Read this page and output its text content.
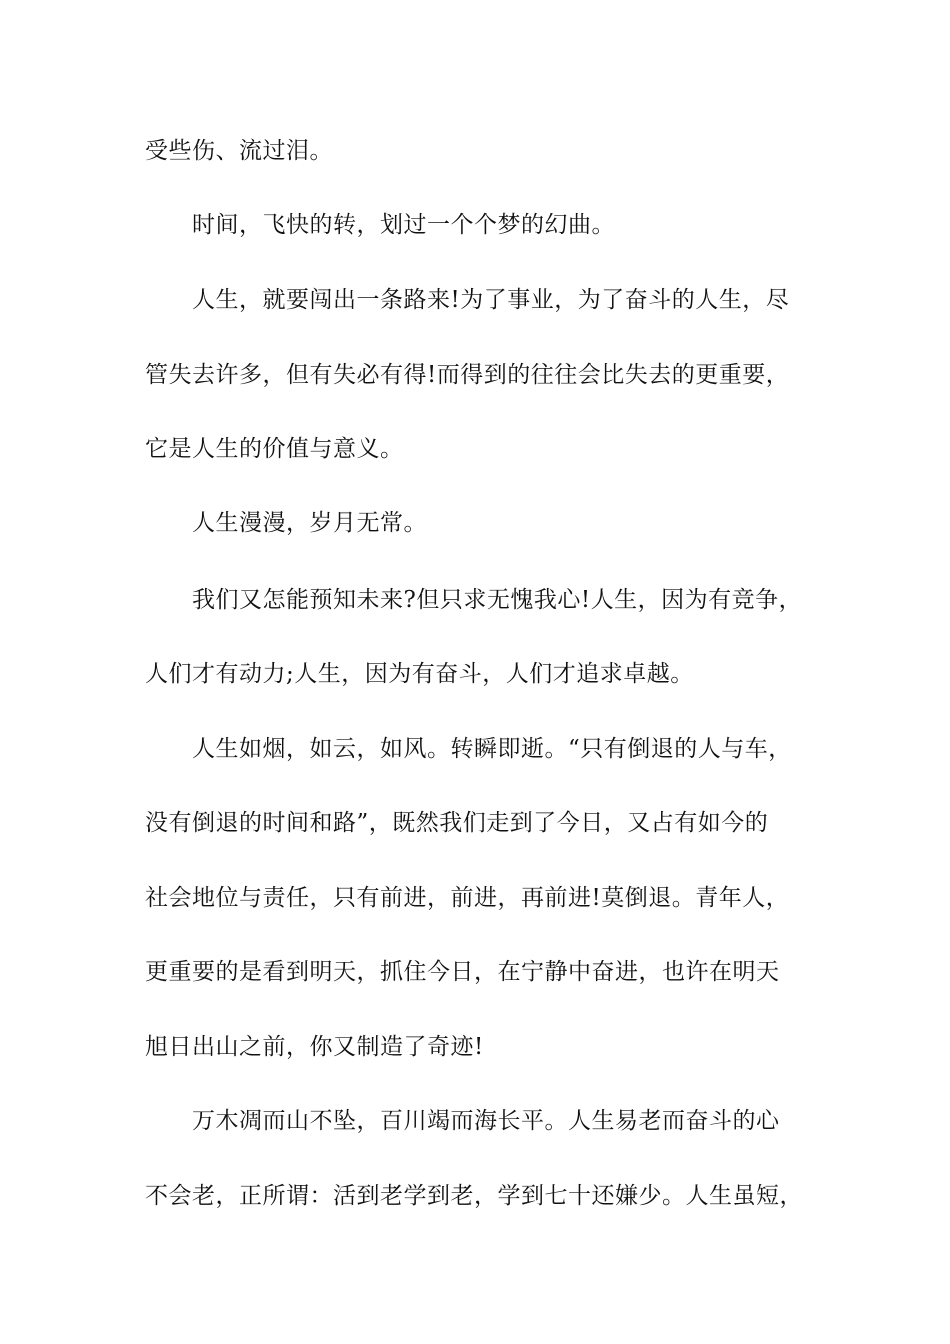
受些伤、流过泪。
时间，飞快的转，划过一个个梦的幻曲。
人生，就要闯出一条路来!为了事业，为了奋斗的人生，尽
管失去许多，但有失必有得!而得到的往往会比失去的更重要，
它是人生的价值与意义。
人生漫漫，岁月无常。
我们又怎能预知未来?但只求无愧我心!人生，因为有竞争，
人们才有动力;人生，因为有奋斗，人们才追求卓越。
人生如烟，如云，如风。转瞬即逝。“只有倒退的人与车，
没有倒退的时间和路”，既然我们走到了今日，又占有如今的
社会地位与责任，只有前进，前进，再前进!莫倒退。青年人，
更重要的是看到明天，抓住今日，在宁静中奋进，也许在明天
旭日出山之前，你又制造了奇迹!
万木凋而山不坠，百川竭而海长平。人生易老而奋斗的心
不会老，正所谓：活到老学到老，学到七十还嫌少。人生虽短，
